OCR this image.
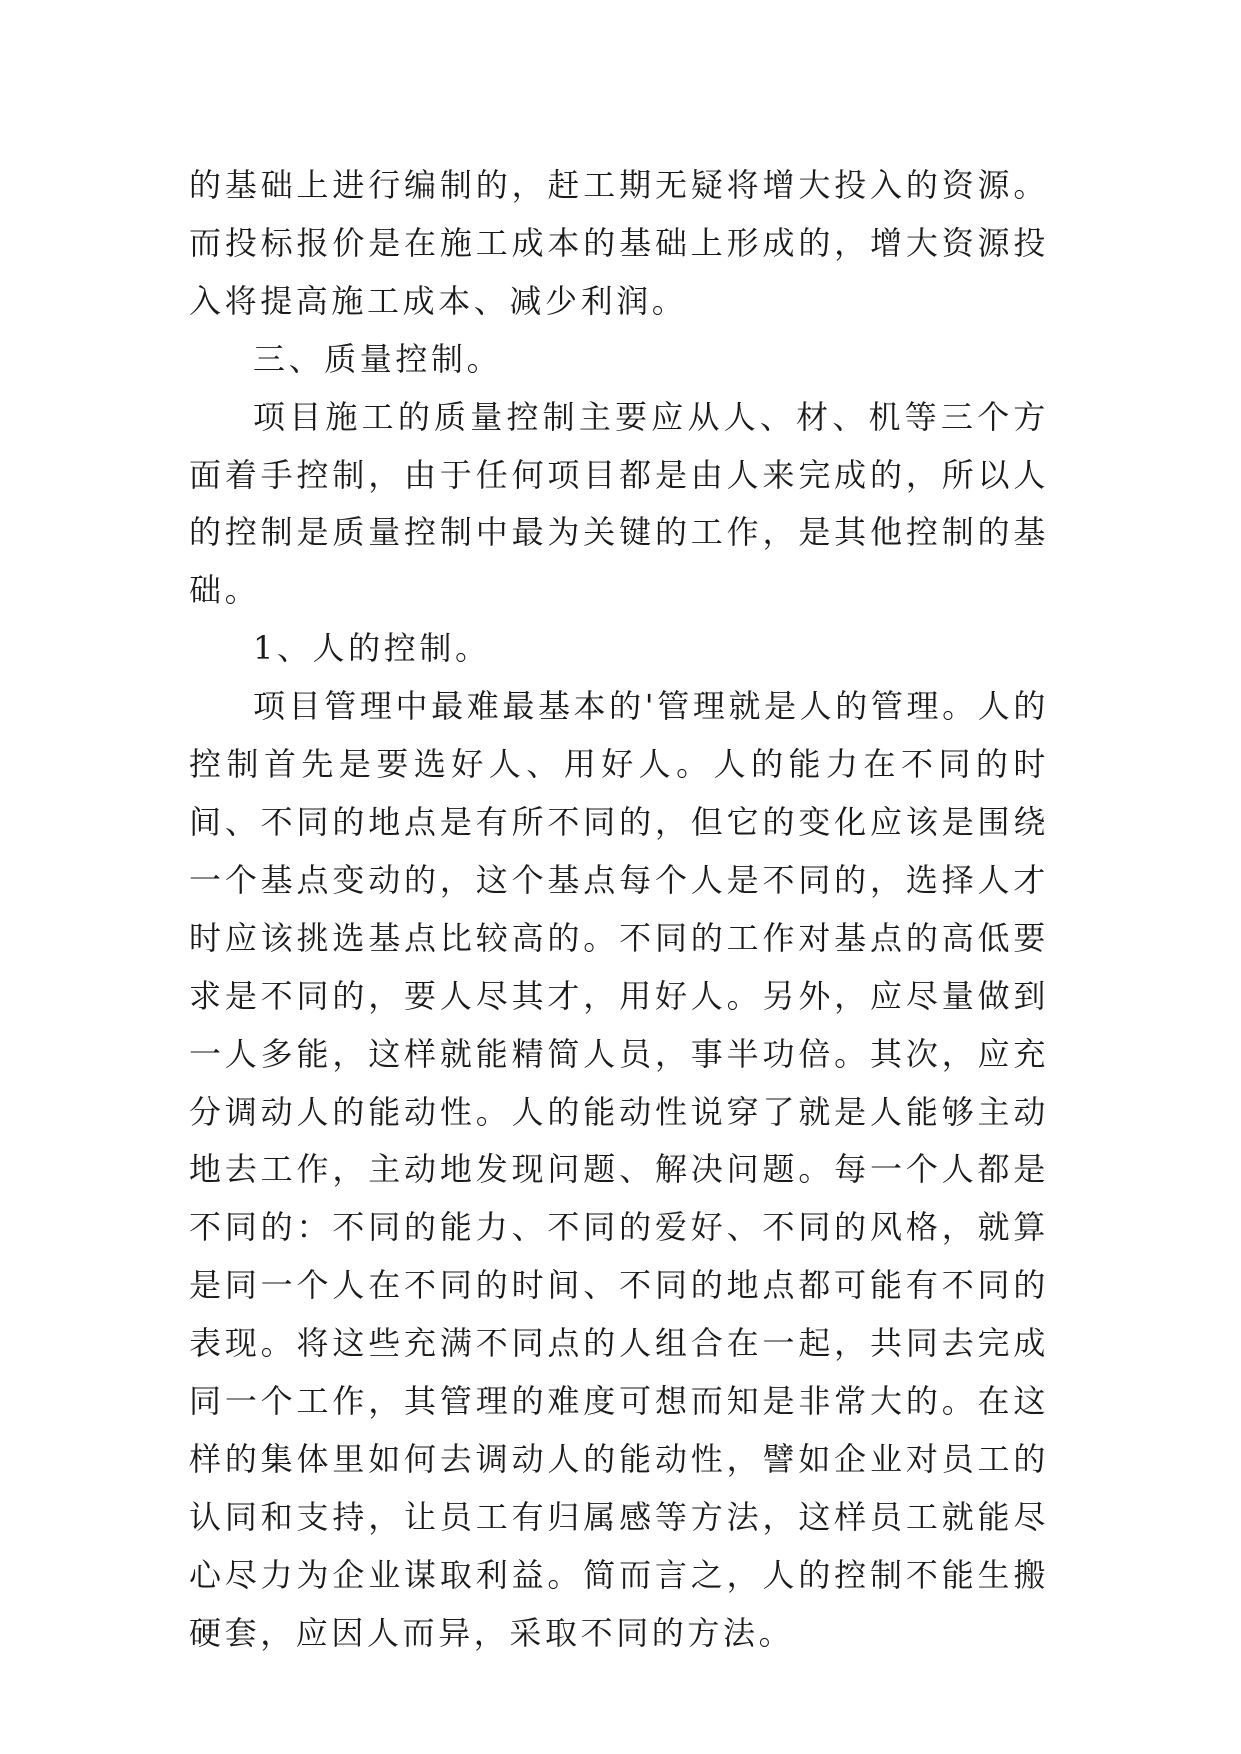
的基础上进行编制的，赶工期无疑将增大投入的资源。而投标报价是在施工成本的基础上形成的，增大资源投入将提高施工成本、减少利润。

三、质量控制。

项目施工的质量控制主要应从人、材、机等三个方面着手控制，由于任何项目都是由人来完成的，所以人的控制是质量控制中最为关键的工作，是其他控制的基础。

1、人的控制。

项目管理中最难最基本的'管理就是人的管理。人的控制首先是要选好人、用好人。人的能力在不同的时间、不同的地点是有所不同的，但它的变化应该是围绕一个基点变动的，这个基点每个人是不同的，选择人才时应该挑选基点比较高的。不同的工作对基点的高低要求是不同的，要人尽其才，用好人。另外，应尽量做到一人多能，这样就能精简人员，事半功倍。其次，应充分调动人的能动性。人的能动性说穿了就是人能够主动地去工作，主动地发现问题、解决问题。每一个人都是不同的：不同的能力、不同的爱好、不同的风格，就算是同一个人在不同的时间、不同的地点都可能有不同的表现。将这些充满不同点的人组合在一起，共同去完成同一个工作，其管理的难度可想而知是非常大的。在这样的集体里如何去调动人的能动性，譬如企业对员工的认同和支持，让员工有归属感等方法，这样员工就能尽心尽力为企业谋取利益。简而言之，人的控制不能生搬硬套，应因人而异，采取不同的方法。
